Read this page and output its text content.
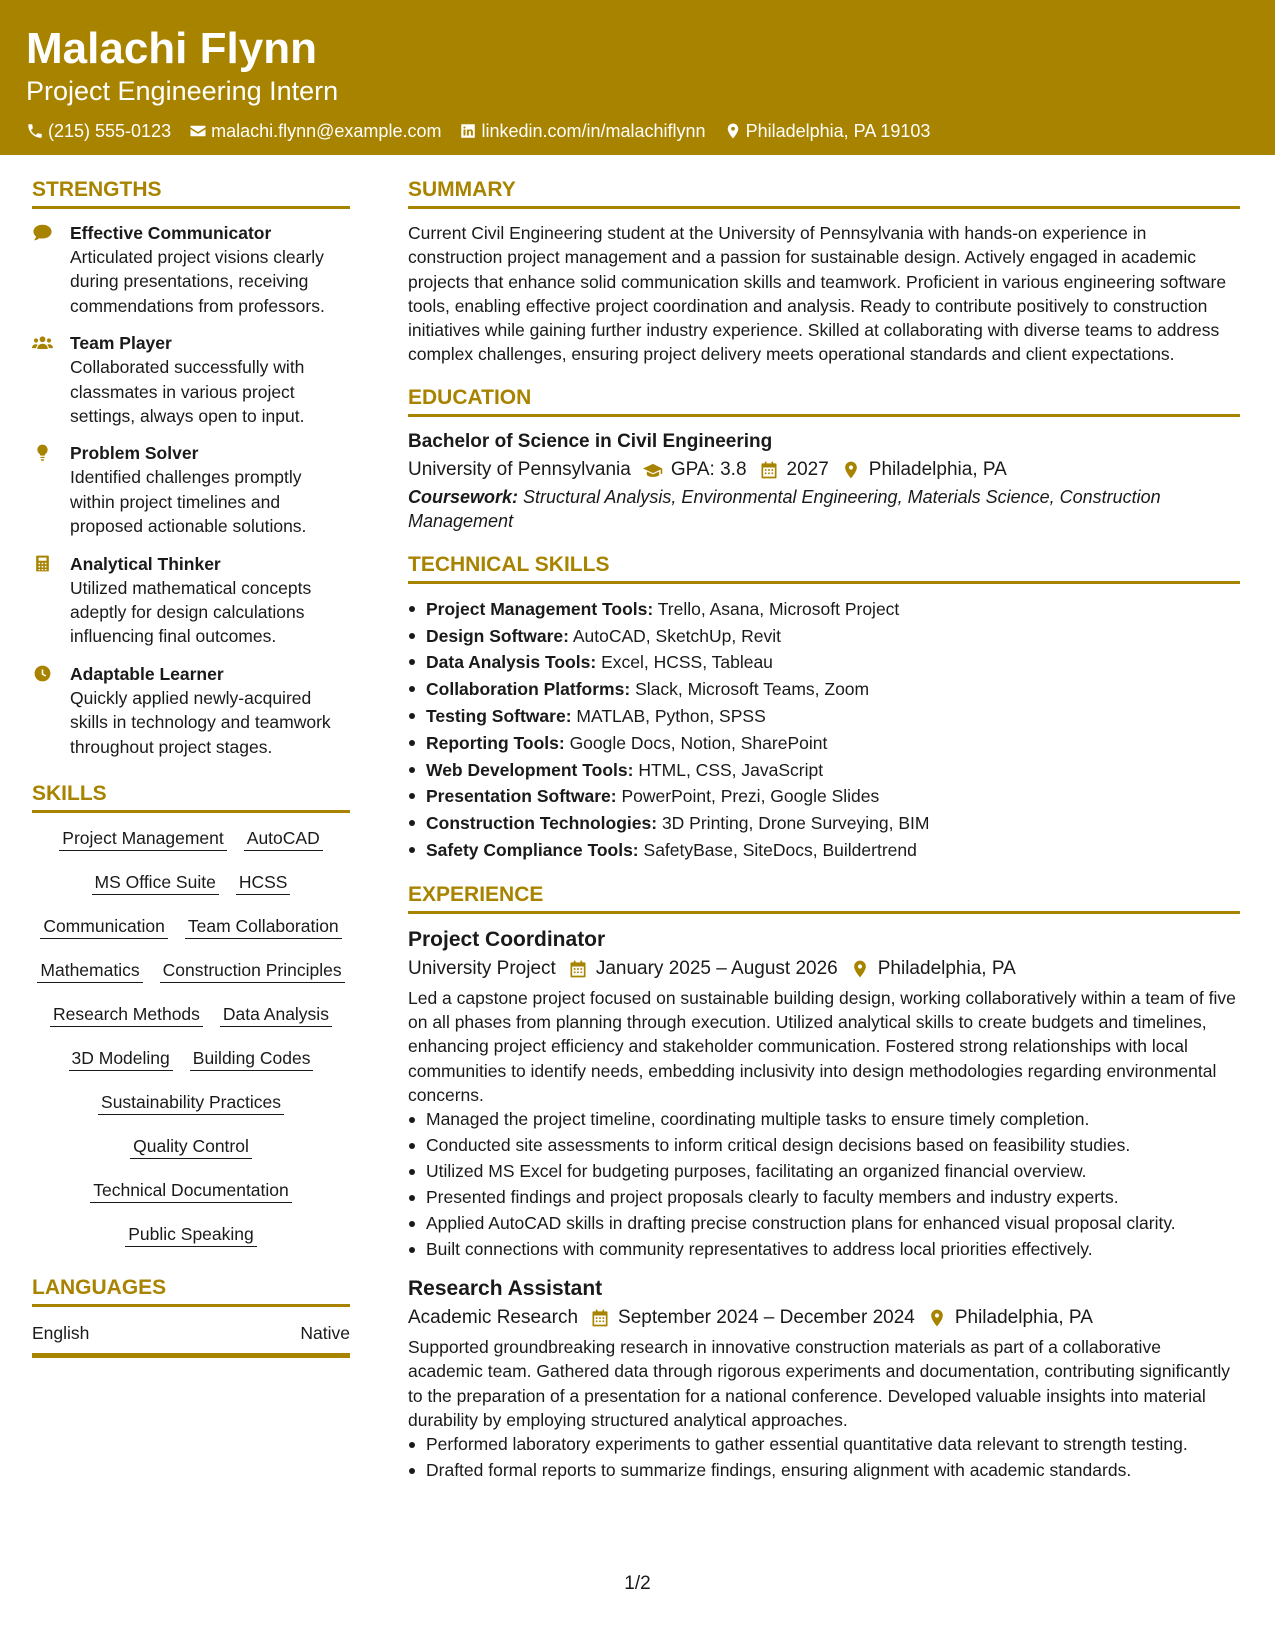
Malachi Flynn
Project Engineering Intern
(215) 555-0123 malachi.flynn@example.com linkedin.com/in/malachiflynn Philadelphia, PA 19103
STRENGTHS
Effective Communicator
Articulated project visions clearly during presentations, receiving commendations from professors.
Team Player
Collaborated successfully with classmates in various project settings, always open to input.
Problem Solver
Identified challenges promptly within project timelines and proposed actionable solutions.
Analytical Thinker
Utilized mathematical concepts adeptly for design calculations influencing final outcomes.
Adaptable Learner
Quickly applied newly-acquired skills in technology and teamwork throughout project stages.
SKILLS
Project Management AutoCAD
MS Office Suite HCSS
Communication Team Collaboration
Mathematics Construction Principles
Research Methods Data Analysis
3D Modeling Building Codes
Sustainability Practices
Quality Control
Technical Documentation
Public Speaking
LANGUAGES
English	Native
SUMMARY
Current Civil Engineering student at the University of Pennsylvania with hands-on experience in construction project management and a passion for sustainable design. Actively engaged in academic projects that enhance solid communication skills and teamwork. Proficient in various engineering software tools, enabling effective project coordination and analysis. Ready to contribute positively to construction initiatives while gaining further industry experience. Skilled at collaborating with diverse teams to address complex challenges, ensuring project delivery meets operational standards and client expectations.
EDUCATION
Bachelor of Science in Civil Engineering
University of Pennsylvania GPA: 3.8 2027 Philadelphia, PA
Coursework: Structural Analysis, Environmental Engineering, Materials Science, Construction Management
TECHNICAL SKILLS
Project Management Tools: Trello, Asana, Microsoft Project
Design Software: AutoCAD, SketchUp, Revit
Data Analysis Tools: Excel, HCSS, Tableau
Collaboration Platforms: Slack, Microsoft Teams, Zoom
Testing Software: MATLAB, Python, SPSS
Reporting Tools: Google Docs, Notion, SharePoint
Web Development Tools: HTML, CSS, JavaScript
Presentation Software: PowerPoint, Prezi, Google Slides
Construction Technologies: 3D Printing, Drone Surveying, BIM
Safety Compliance Tools: SafetyBase, SiteDocs, Buildertrend
EXPERIENCE
Project Coordinator
University Project January 2025 – August 2026 Philadelphia, PA
Led a capstone project focused on sustainable building design, working collaboratively within a team of five on all phases from planning through execution. Utilized analytical skills to create budgets and timelines, enhancing project efficiency and stakeholder communication. Fostered strong relationships with local communities to identify needs, embedding inclusivity into design methodologies regarding environmental concerns.
Managed the project timeline, coordinating multiple tasks to ensure timely completion.
Conducted site assessments to inform critical design decisions based on feasibility studies.
Utilized MS Excel for budgeting purposes, facilitating an organized financial overview.
Presented findings and project proposals clearly to faculty members and industry experts.
Applied AutoCAD skills in drafting precise construction plans for enhanced visual proposal clarity.
Built connections with community representatives to address local priorities effectively.
Research Assistant
Academic Research September 2024 – December 2024 Philadelphia, PA
Supported groundbreaking research in innovative construction materials as part of a collaborative academic team. Gathered data through rigorous experiments and documentation, contributing significantly to the preparation of a presentation for a national conference. Developed valuable insights into material durability by employing structured analytical approaches.
Performed laboratory experiments to gather essential quantitative data relevant to strength testing.
Drafted formal reports to summarize findings, ensuring alignment with academic standards.
1/2
